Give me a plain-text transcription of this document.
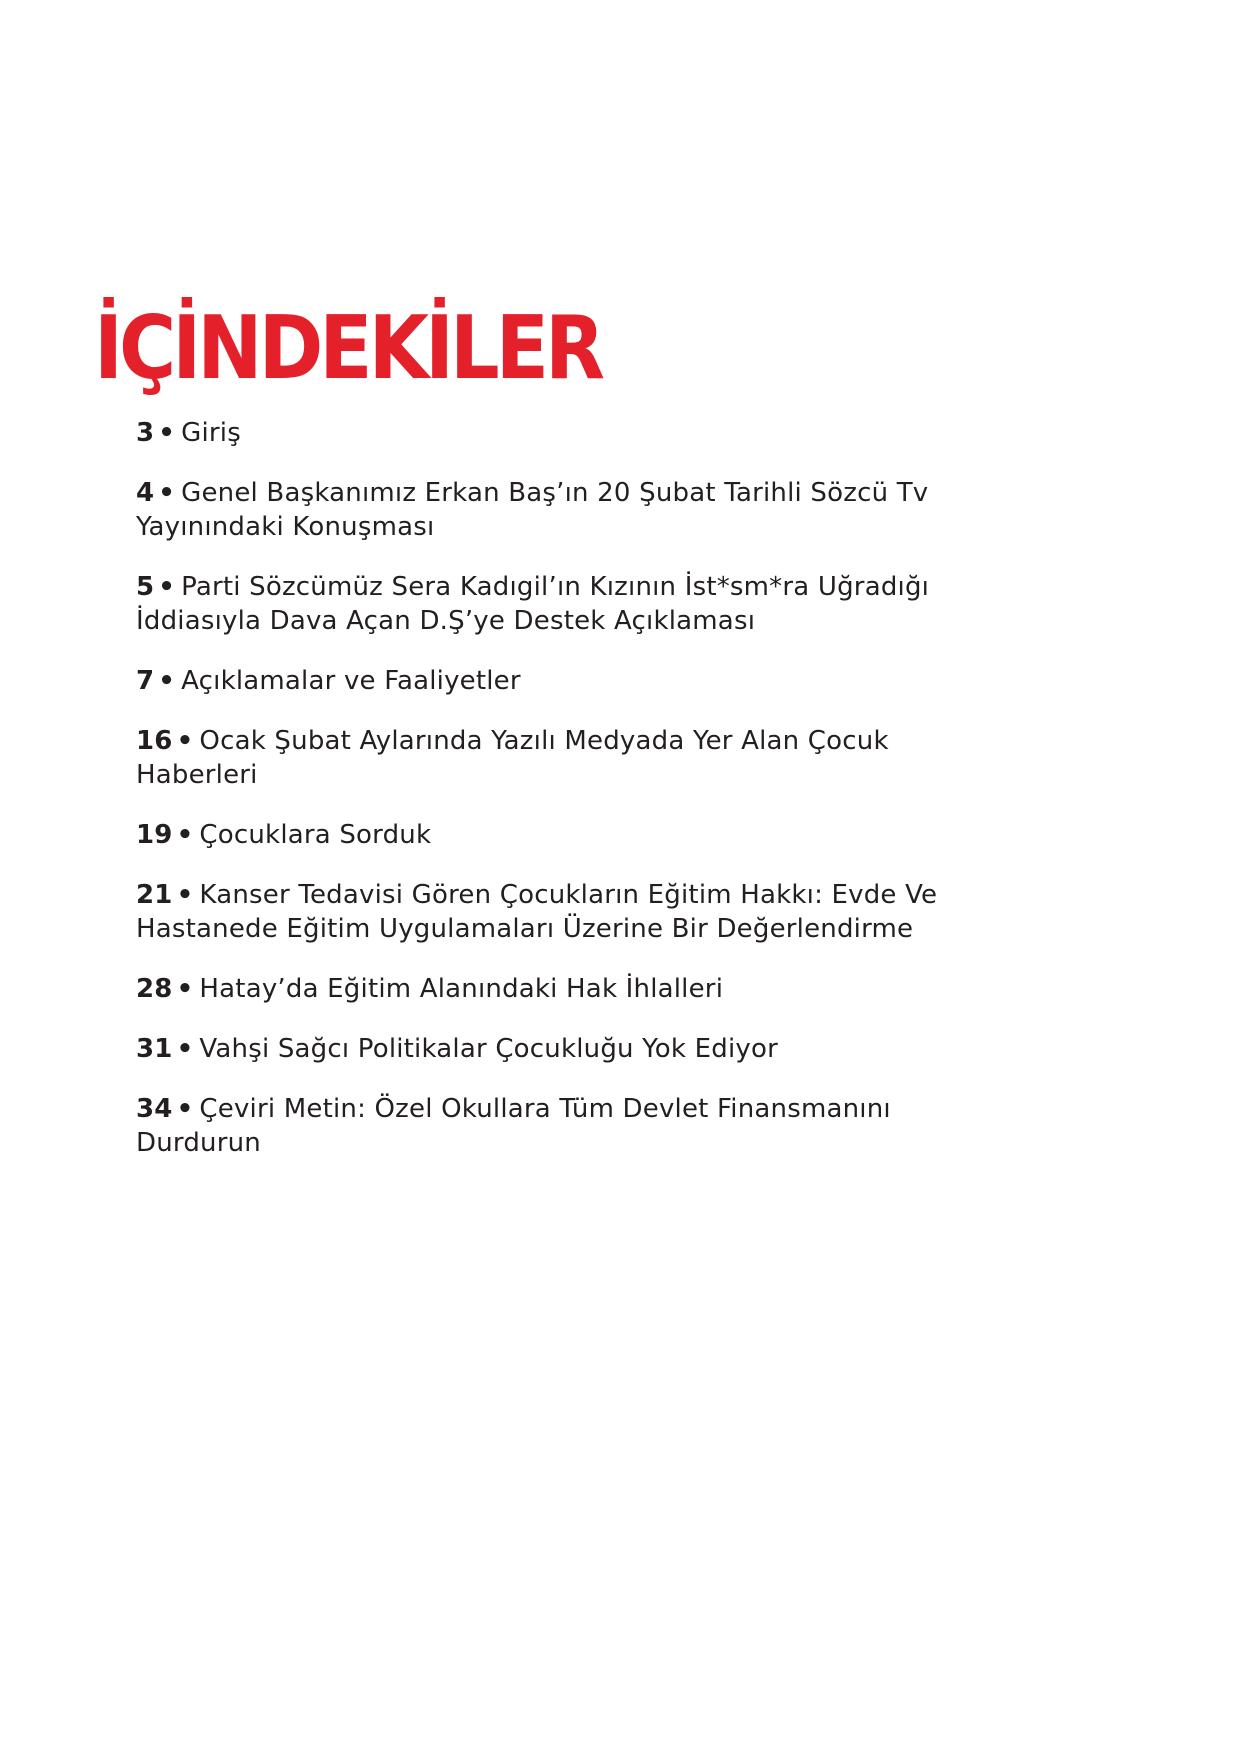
İÇİNDEKİLER
3 • Giriş
4 • Genel Başkanımız Erkan Baş’ın 20 Şubat Tarihli Sözcü Tv Yayınındaki Konuşması
5 • Parti Sözcümüz Sera Kadıgil’ın Kızının İst*sm*ra Uğradığı İddiasıyla Dava Açan D.Ş’ye Destek Açıklaması
7 • Açıklamalar ve Faaliyetler
16 • Ocak Şubat Aylarında Yazılı Medyada Yer Alan Çocuk Haberleri
19 • Çocuklara Sorduk
21 • Kanser Tedavisi Gören Çocukların Eğitim Hakkı: Evde Ve Hastanede Eğitim Uygulamaları Üzerine Bir Değerlendirme
28 • Hatay’da Eğitim Alanındaki Hak İhlalleri
31 • Vahşi Sağcı Politikalar Çocukluğu Yok Ediyor
34 • Çeviri Metin: Özel Okullara Tüm Devlet Finansmanını Durdurun
